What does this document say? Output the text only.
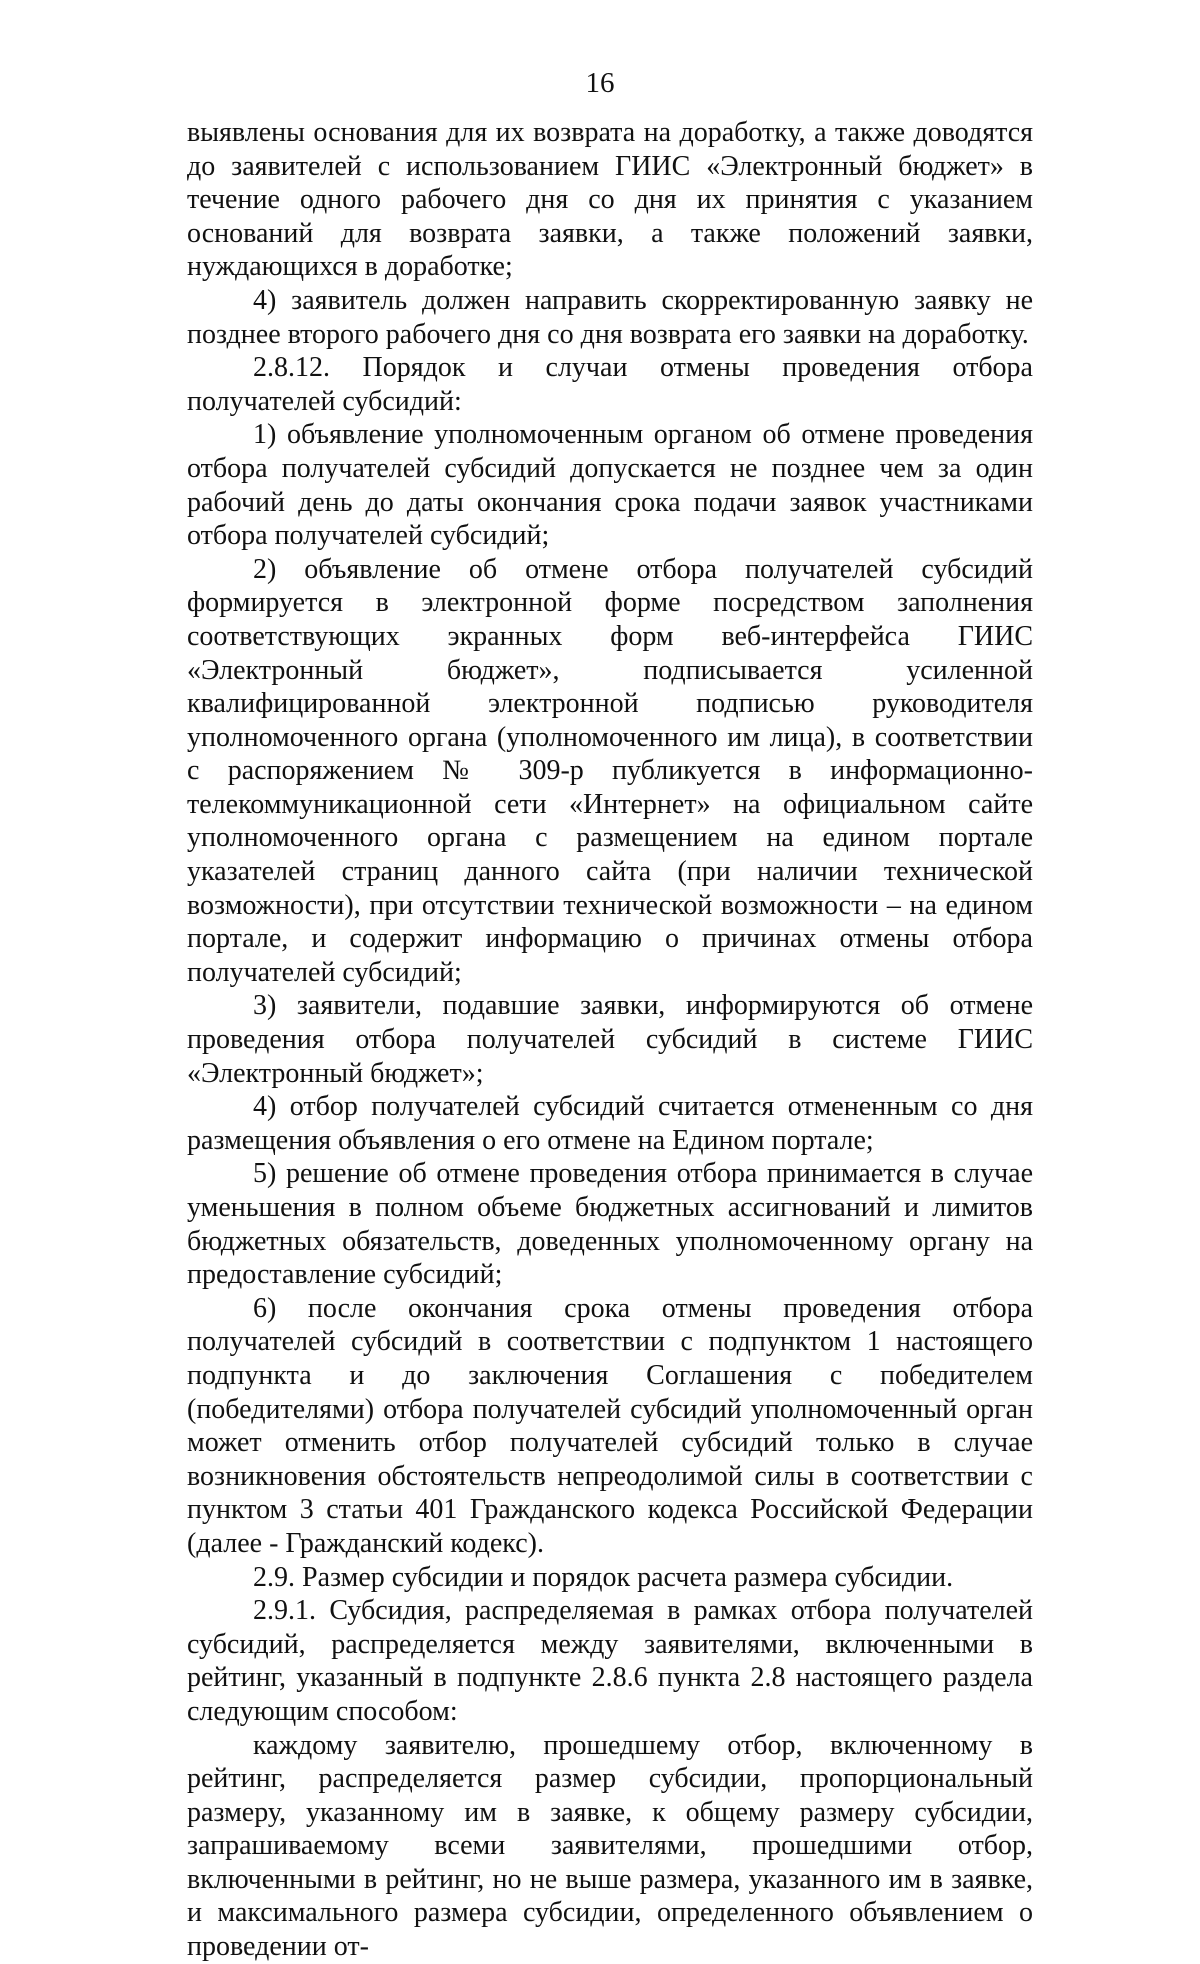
16

выявлены основания для их возврата на доработку, а также доводятся до заявителей с использованием ГИИС «Электронный бюджет» в течение одного рабочего дня со дня их принятия с указанием оснований для возврата заявки, а также положений заявки, нуждающихся в доработке;

4) заявитель должен направить скорректированную заявку не позднее второго рабочего дня со дня возврата его заявки на доработку.

2.8.12. Порядок и случаи отмены проведения отбора получателей субсидий:

1) объявление уполномоченным органом об отмене проведения отбора получателей субсидий допускается не позднее чем за один рабочий день до даты окончания срока подачи заявок участниками отбора получателей субсидий;

2) объявление об отмене отбора получателей субсидий формируется в электронной форме посредством заполнения соответствующих экранных форм веб-интерфейса ГИИС «Электронный бюджет», подписывается усиленной квалифицированной электронной подписью руководителя уполномоченного органа (уполномоченного им лица), в соответствии с распоряжением № 309-р публикуется в информационно-телекоммуникационной сети «Интернет» на официальном сайте уполномоченного органа с размещением на едином портале указателей страниц данного сайта (при наличии технической возможности), при отсутствии технической возможности – на едином портале, и содержит информацию о причинах отмены отбора получателей субсидий;

3) заявители, подавшие заявки, информируются об отмене проведения отбора получателей субсидий в системе ГИИС «Электронный бюджет»;

4) отбор получателей субсидий считается отмененным со дня размещения объявления о его отмене на Едином портале;

5) решение об отмене проведения отбора принимается в случае уменьшения в полном объеме бюджетных ассигнований и лимитов бюджетных обязательств, доведенных уполномоченному органу на предоставление субсидий;

6) после окончания срока отмены проведения отбора получателей субсидий в соответствии с подпунктом 1 настоящего подпункта и до заключения Соглашения с победителем (победителями) отбора получателей субсидий уполномоченный орган может отменить отбор получателей субсидий только в случае возникновения обстоятельств непреодолимой силы в соответствии с пунктом 3 статьи 401 Гражданского кодекса Российской Федерации (далее - Гражданский кодекс).

2.9. Размер субсидии и порядок расчета размера субсидии.

2.9.1. Субсидия, распределяемая в рамках отбора получателей субсидий, распределяется между заявителями, включенными в рейтинг, указанный в подпункте 2.8.6 пункта 2.8 настоящего раздела следующим способом:

каждому заявителю, прошедшему отбор, включенному в рейтинг, распределяется размер субсидии, пропорциональный размеру, указанному им в заявке, к общему размеру субсидии, запрашиваемому всеми заявителями, прошедшими отбор, включенными в рейтинг, но не выше размера, указанного им в заявке, и максимального размера субсидии, определенного объявлением о проведении от-
